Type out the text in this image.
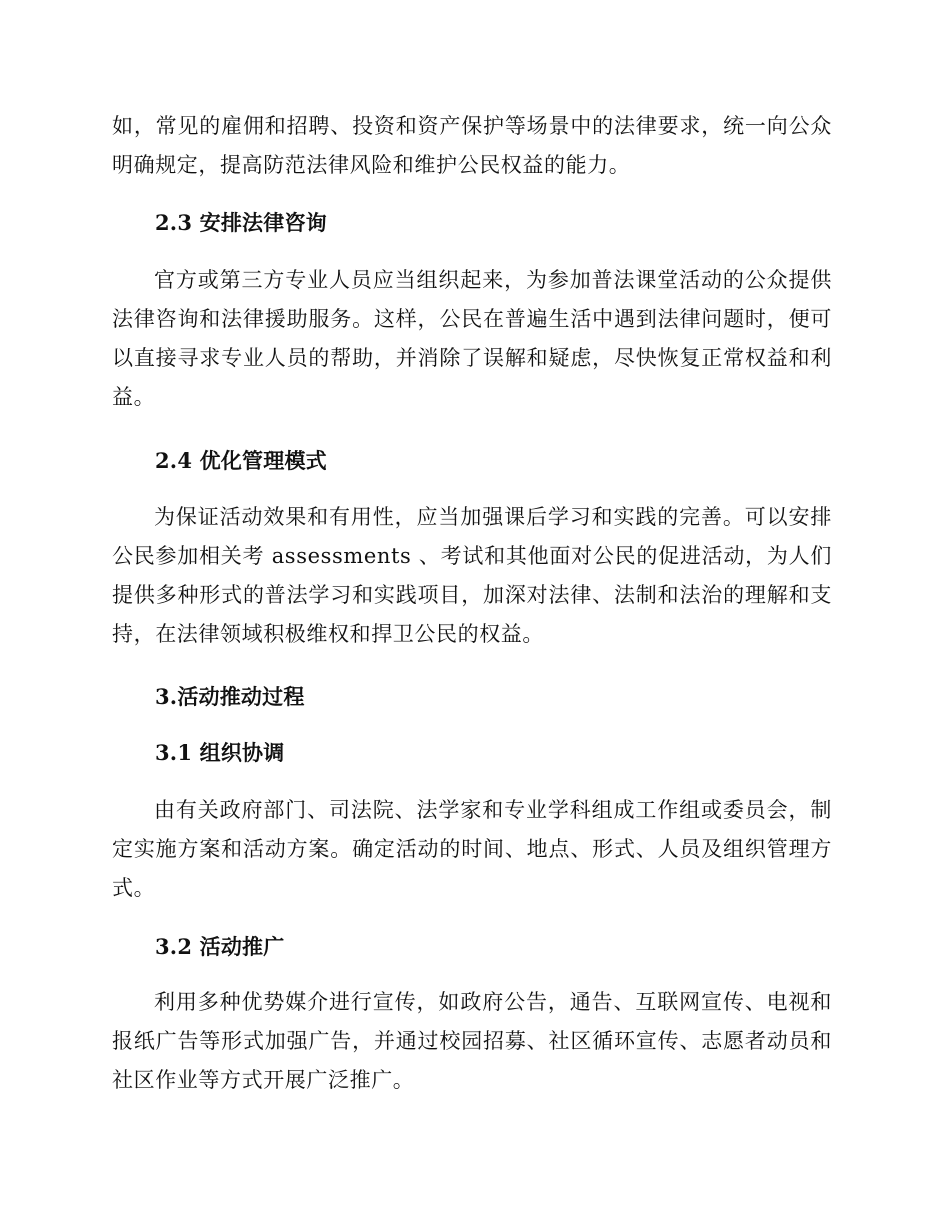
如，常见的雇佣和招聘、投资和资产保护等场景中的法律要求，统一向公众明确规定，提高防范法律风险和维护公民权益的能力。

2.3 安排法律咨询

官方或第三方专业人员应当组织起来，为参加普法课堂活动的公众提供法律咨询和法律援助服务。这样，公民在普遍生活中遇到法律问题时，便可以直接寻求专业人员的帮助，并消除了误解和疑虑，尽快恢复正常权益和利益。

2.4 优化管理模式

为保证活动效果和有用性，应当加强课后学习和实践的完善。可以安排公民参加相关考 assessments 、考试和其他面对公民的促进活动，为人们提供多种形式的普法学习和实践项目，加深对法律、法制和法治的理解和支持，在法律领域积极维权和捍卫公民的权益。

3.活动推动过程

3.1 组织协调

由有关政府部门、司法院、法学家和专业学科组成工作组或委员会，制定实施方案和活动方案。确定活动的时间、地点、形式、人员及组织管理方式。

3.2 活动推广

利用多种优势媒介进行宣传，如政府公告，通告、互联网宣传、电视和报纸广告等形式加强广告，并通过校园招募、社区循环宣传、志愿者动员和社区作业等方式开展广泛推广。
